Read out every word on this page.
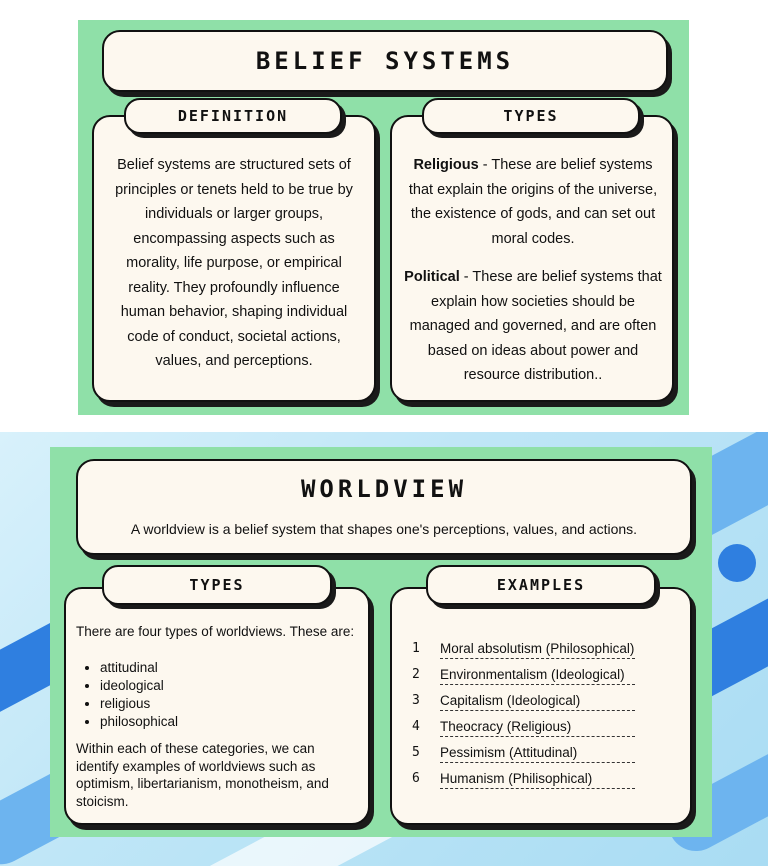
BELIEF SYSTEMS
Belief systems are structured sets of principles or tenets held to be true by individuals or larger groups, encompassing aspects such as morality, life purpose, or empirical reality. They profoundly influence human behavior, shaping individual code of conduct, societal actions, values, and perceptions.
DEFINITION
Religious - These are belief systems that explain the origins of the universe, the existence of gods, and can set out moral codes.
Political - These are belief systems that explain how societies should be managed and governed, and are often based on ideas about power and resource distribution..
TYPES
WORLDVIEW
A worldview is a belief system that shapes one's perceptions, values, and actions.
There are four types of worldviews. These are:
• attitudinal
• ideological
• religious
• philosophical
Within each of these categories, we can identify examples of worldviews such as optimism, libertarianism, monotheism, and stoicism.
TYPES
1	Moral absolutism (Philosophical)
2	Environmentalism (Ideological)
3	Capitalism (Ideological)
4	Theocracy (Religious)
5	Pessimism (Attitudinal)
6	Humanism (Philisophical)
EXAMPLES
